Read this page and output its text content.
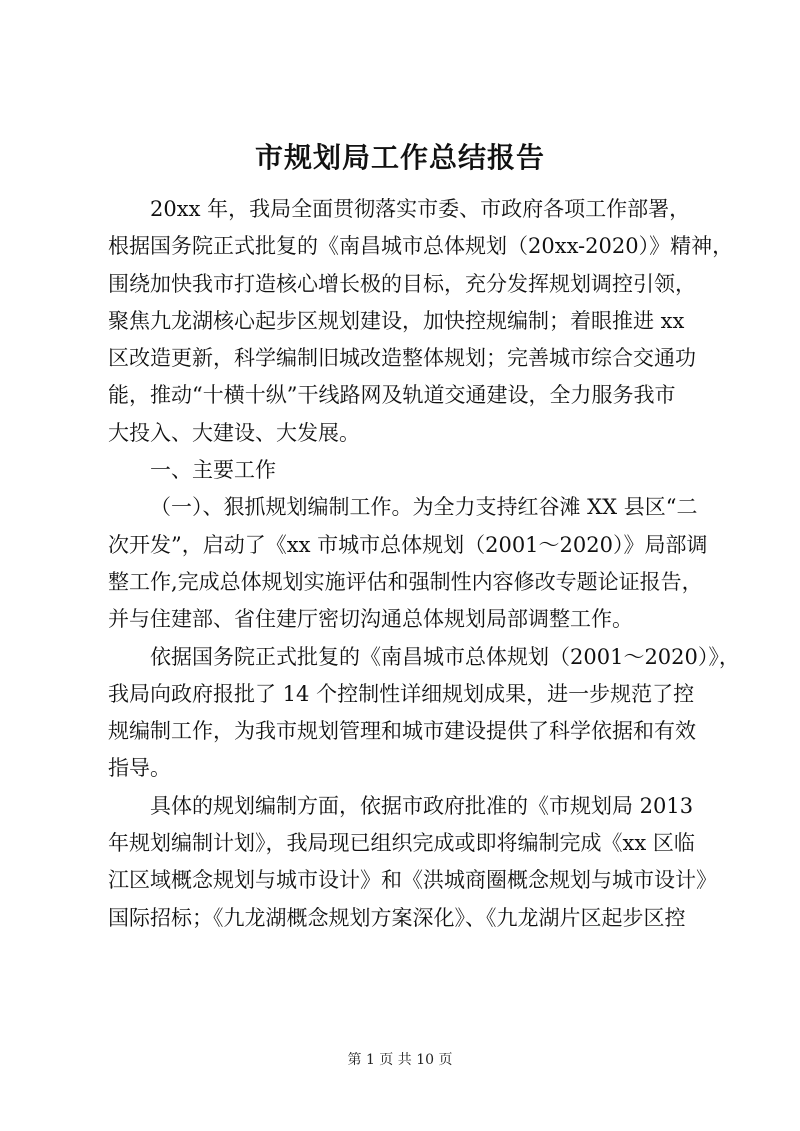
市规划局工作总结报告

20xx 年，我局全面贯彻落实市委、市政府各项工作部署，
根据国务院正式批复的《南昌城市总体规划（20xx-2020）》精神，
围绕加快我市打造核心增长极的目标，充分发挥规划调控引领，
聚焦九龙湖核心起步区规划建设，加快控规编制；着眼推进 xx
区改造更新，科学编制旧城改造整体规划；完善城市综合交通功
能，推动“十横十纵”干线路网及轨道交通建设，全力服务我市
大投入、大建设、大发展。

一、主要工作

（一）、狠抓规划编制工作。为全力支持红谷滩 XX 县区“二
次开发”，启动了《xx 市城市总体规划（2001～2020）》局部调
整工作,完成总体规划实施评估和强制性内容修改专题论证报告，
并与住建部、省住建厅密切沟通总体规划局部调整工作。

依据国务院正式批复的《南昌城市总体规划（2001～2020）》，
我局向政府报批了 14 个控制性详细规划成果，进一步规范了控
规编制工作，为我市规划管理和城市建设提供了科学依据和有效
指导。

具体的规划编制方面，依据市政府批准的《市规划局 2013
年规划编制计划》，我局现已组织完成或即将编制完成《xx 区临
江区域概念规划与城市设计》和《洪城商圈概念规划与城市设计》
国际招标；《九龙湖概念规划方案深化》、《九龙湖片区起步区控

第 1 页 共 10 页
